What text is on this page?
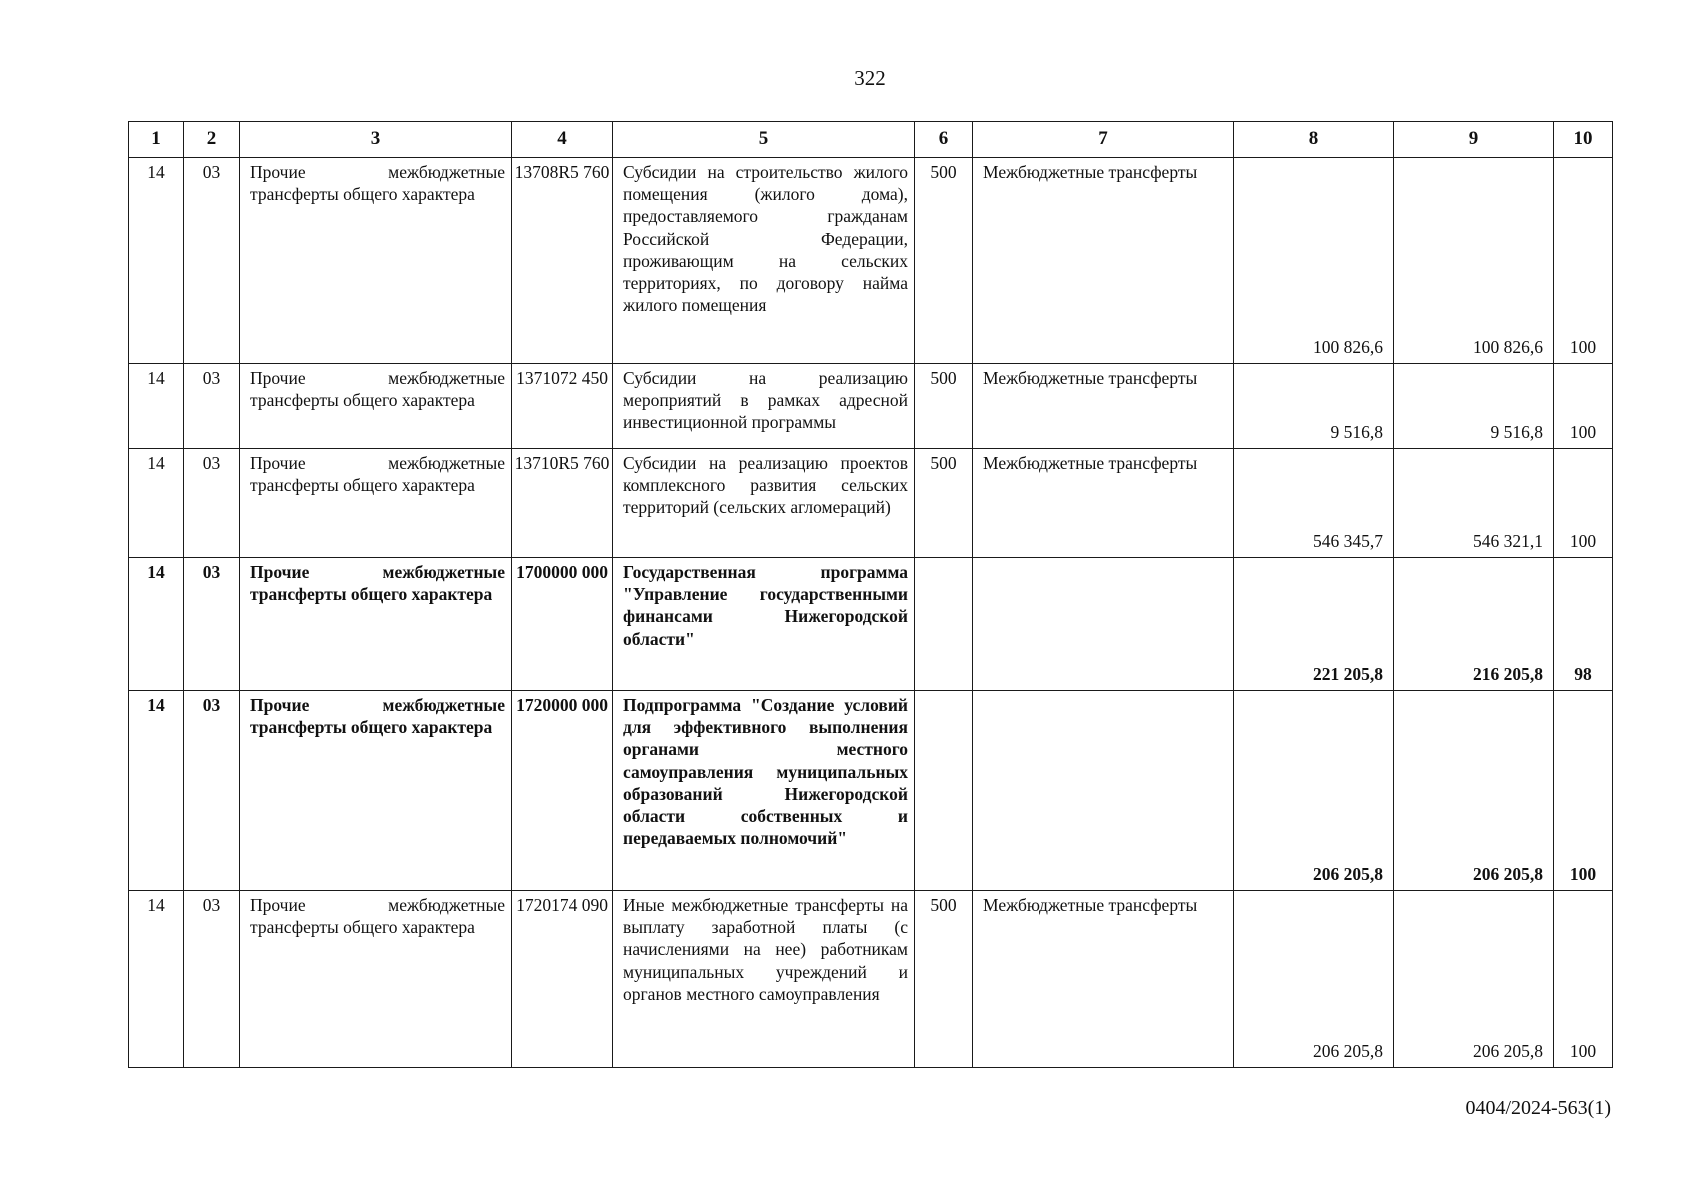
322
1	2	3	4	5	6	7	8	9	10
14	03	Прочие межбюджетные трансферты общего характера	13708R5 760	Субсидии на строительство жилого помещения (жилого дома), предоставляемого гражданам Российской Федерации, проживающим на сельских территориях, по договору найма жилого помещения	500	Межбюджетные трансферты	100 826,6	100 826,6	100
14	03	Прочие межбюджетные трансферты общего характера	1371072 450	Субсидии на реализацию мероприятий в рамках адресной инвестиционной программы	500	Межбюджетные трансферты	9 516,8	9 516,8	100
14	03	Прочие межбюджетные трансферты общего характера	13710R5 760	Субсидии на реализацию проектов комплексного развития сельских территорий (сельских агломераций)	500	Межбюджетные трансферты	546 345,7	546 321,1	100
14	03	Прочие межбюджетные трансферты общего характера	1700000 000	Государственная программа "Управление государственными финансами Нижегородской области"			221 205,8	216 205,8	98
14	03	Прочие межбюджетные трансферты общего характера	1720000 000	Подпрограмма "Создание условий для эффективного выполнения органами местного самоуправления муниципальных образований Нижегородской области собственных и передаваемых полномочий"			206 205,8	206 205,8	100
14	03	Прочие межбюджетные трансферты общего характера	1720174 090	Иные межбюджетные трансферты на выплату заработной платы (с начислениями на нее) работникам муниципальных учреждений и органов местного самоуправления	500	Межбюджетные трансферты	206 205,8	206 205,8	100
0404/2024-563(1)
